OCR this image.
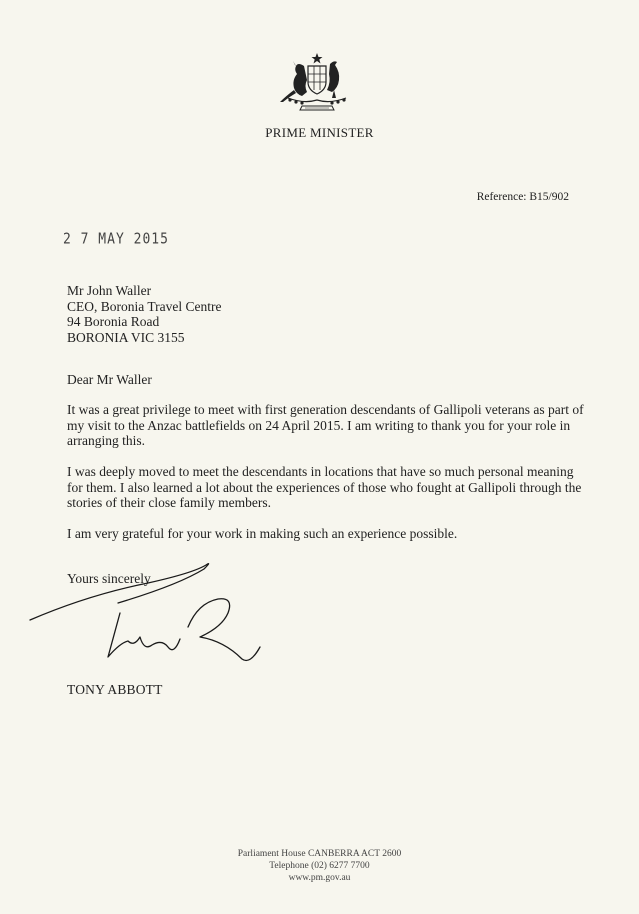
PRIME MINISTER
Reference: B15/902
2 7 MAY 2015
Mr John Waller
CEO, Boronia Travel Centre
94 Boronia Road
BORONIA VIC 3155
Dear Mr Waller
It was a great privilege to meet with first generation descendants of Gallipoli veterans as part of my visit to the Anzac battlefields on 24 April 2015. I am writing to thank you for your role in arranging this.
I was deeply moved to meet the descendants in locations that have so much personal meaning for them. I also learned a lot about the experiences of those who fought at Gallipoli through the stories of their close family members.
I am very grateful for your work in making such an experience possible.
Yours sincerely
TONY ABBOTT
Parliament House CANBERRA ACT 2600
Telephone (02) 6277 7700
www.pm.gov.au
